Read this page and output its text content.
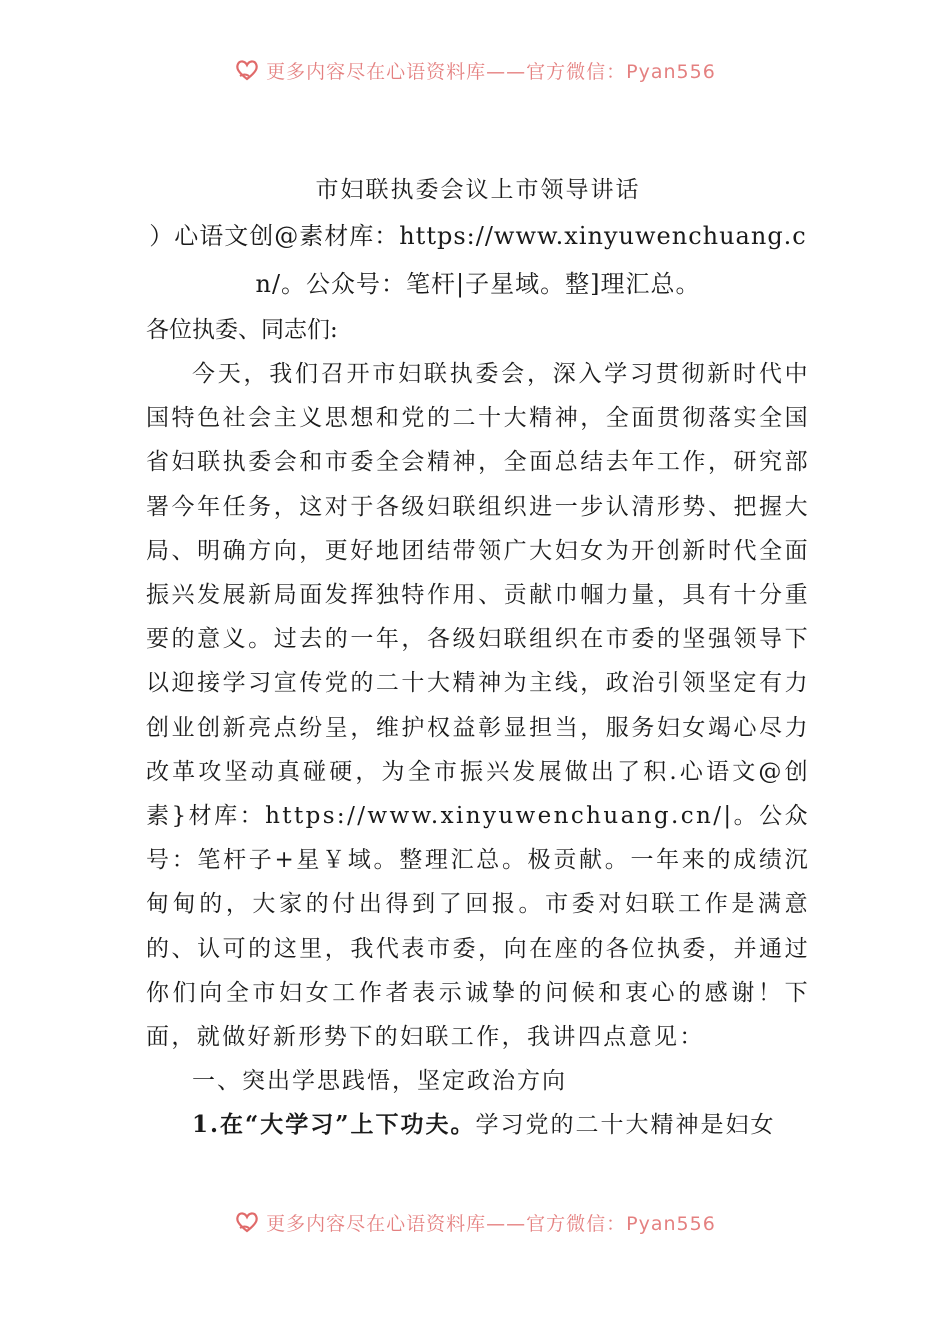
更多内容尽在心语资料库——官方微信：Pyan556
市妇联执委会议上市领导讲话
）心语文创@素材库：https://www.xinyuwenchuang.cn/。公众号：笔杆|子星域。整]理汇总。
各位执委、同志们:
今天，我们召开市妇联执委会，深入学习贯彻新时代中国特色社会主义思想和党的二十大精神，全面贯彻落实全国省妇联执委会和市委全会精神，全面总结去年工作，研究部署今年任务，这对于各级妇联组织进一步认清形势、把握大局、明确方向，更好地团结带领广大妇女为开创新时代全面振兴发展新局面发挥独特作用、贡献巾帼力量，具有十分重要的意义。过去的一年，各级妇联组织在市委的坚强领导下以迎接学习宣传党的二十大精神为主线，政治引领坚定有力创业创新亮点纷呈，维护权益彰显担当，服务妇女竭心尽力改革攻坚动真碰硬，为全市振兴发展做出了积.心语文@创素}材库：https://www.xinyuwenchuang.cn/|。公众号：笔杆子+星￥域。整理汇总。极贡献。一年来的成绩沉甸甸的，大家的付出得到了回报。市委对妇联工作是满意的、认可的这里，我代表市委，向在座的各位执委，并通过你们向全市妇女工作者表示诚挚的问候和衷心的感谢！下面，就做好新形势下的妇联工作，我讲四点意见：
一、突出学思践悟，坚定政治方向
1.在“大学习”上下功夫。学习党的二十大精神是妇女
更多内容尽在心语资料库——官方微信：Pyan556
